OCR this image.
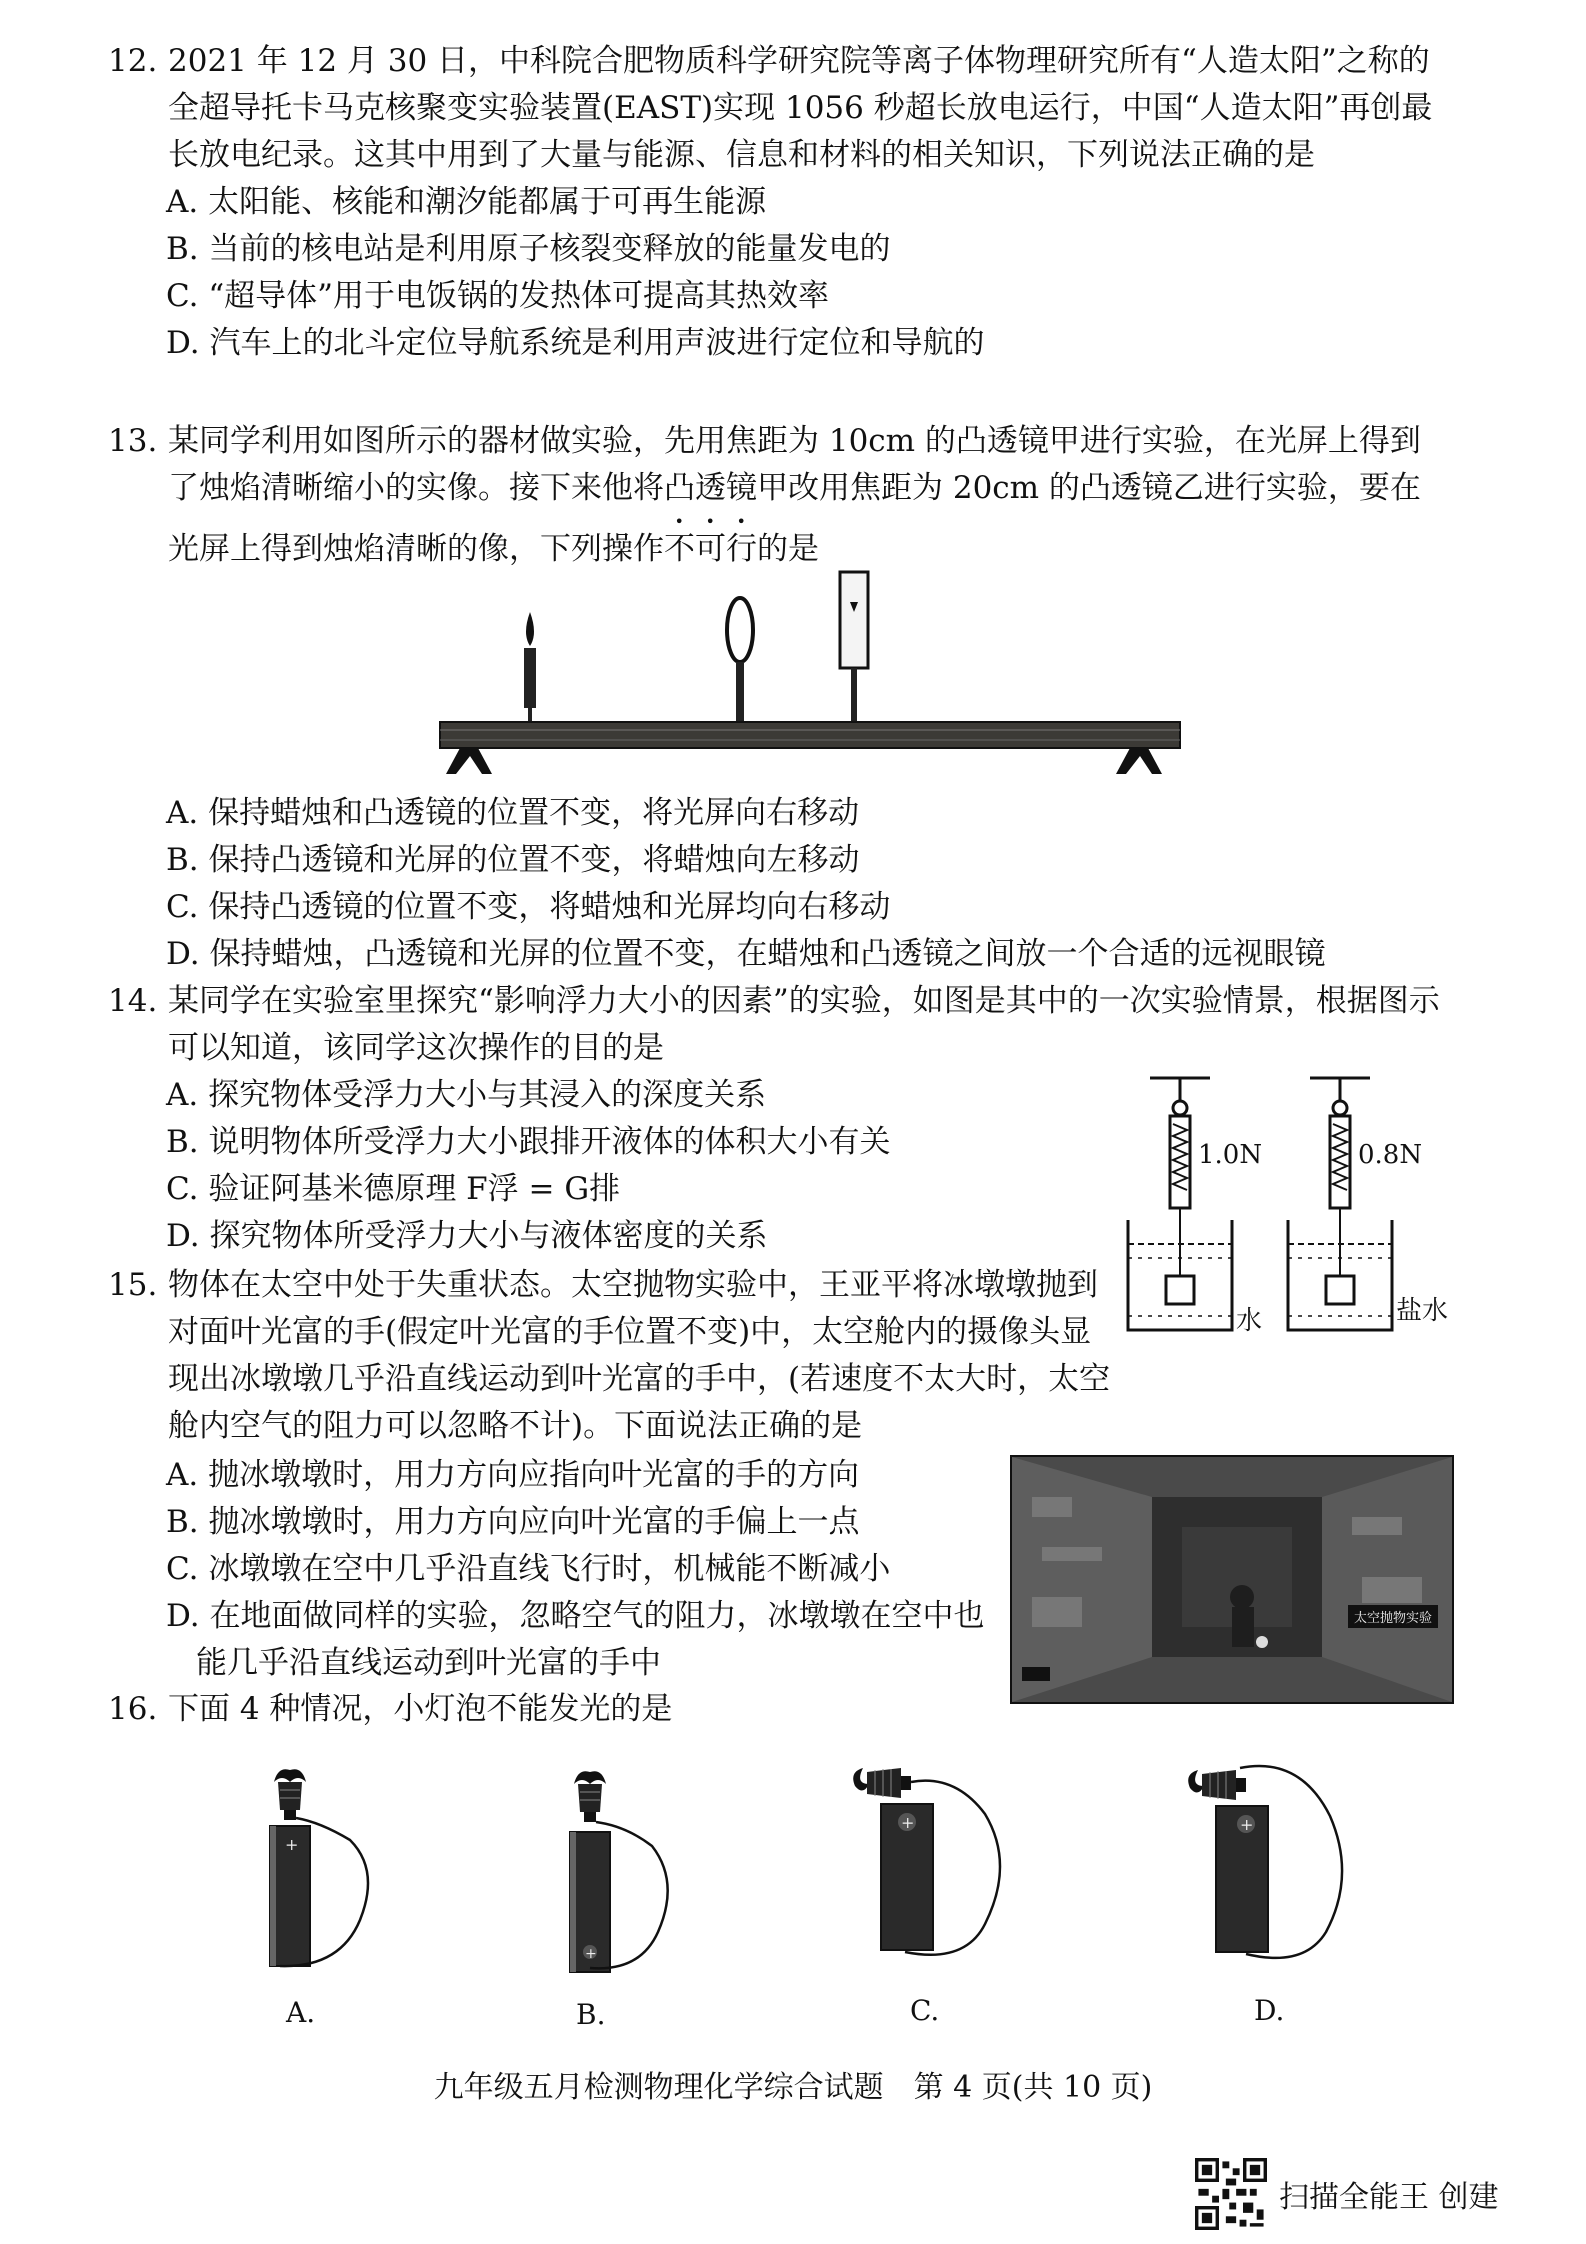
12. 2021 年 12 月 30 日，中科院合肥物质科学研究院等离子体物理研究所有“人造太阳”之称的全超导托卡马克核聚变实验装置(EAST)实现 1056 秒超长放电运行，中国“人造太阳”再创最长放电纪录。这其中用到了大量与能源、信息和材料的相关知识，下列说法正确的是
A. 太阳能、核能和潮汐能都属于可再生能源
B. 当前的核电站是利用原子核裂变释放的能量发电的
C. “超导体”用于电饭锅的发热体可提高其热效率
D. 汽车上的北斗定位导航系统是利用声波进行定位和导航的
13. 某同学利用如图所示的器材做实验，先用焦距为 10cm 的凸透镜甲进行实验，在光屏上得到了烛焰清晰缩小的实像。接下来他将凸透镜甲改用焦距为 20cm 的凸透镜乙进行实验，要在光屏上得到烛焰清晰的像，下列操作不可行的是
A. 保持蜡烛和凸透镜的位置不变，将光屏向右移动
B. 保持凸透镜和光屏的位置不变，将蜡烛向左移动
C. 保持凸透镜的位置不变，将蜡烛和光屏均向右移动
D. 保持蜡烛，凸透镜和光屏的位置不变，在蜡烛和凸透镜之间放一个合适的远视眼镜
14. 某同学在实验室里探究“影响浮力大小的因素”的实验，如图是其中的一次实验情景，根据图示可以知道，该同学这次操作的目的是
A. 探究物体受浮力大小与其浸入的深度关系
B. 说明物体所受浮力大小跟排开液体的体积大小有关
C. 验证阿基米德原理 F浮 = G排
D. 探究物体所受浮力大小与液体密度的关系
1.0N	0.8N
水	盐水
15. 物体在太空中处于失重状态。太空抛物实验中，王亚平将冰墩墩抛到对面叶光富的手(假定叶光富的手位置不变)中，太空舱内的摄像头显现出冰墩墩几乎沿直线运动到叶光富的手中，(若速度不太大时，太空舱内空气的阻力可以忽略不计)。下面说法正确的是
A. 抛冰墩墩时，用力方向应指向叶光富的手的方向
B. 抛冰墩墩时，用力方向应向叶光富的手偏上一点
C. 冰墩墩在空中几乎沿直线飞行时，机械能不断减小
D. 在地面做同样的实验，忽略空气的阻力，冰墩墩在空中也能几乎沿直线运动到叶光富的手中
太空抛物实验
16. 下面 4 种情况，小灯泡不能发光的是
+
+
+	+
A.	B.	C.	D.
九年级五月检测物理化学综合试题　第 4 页(共 10 页)
扫描全能王 创建
